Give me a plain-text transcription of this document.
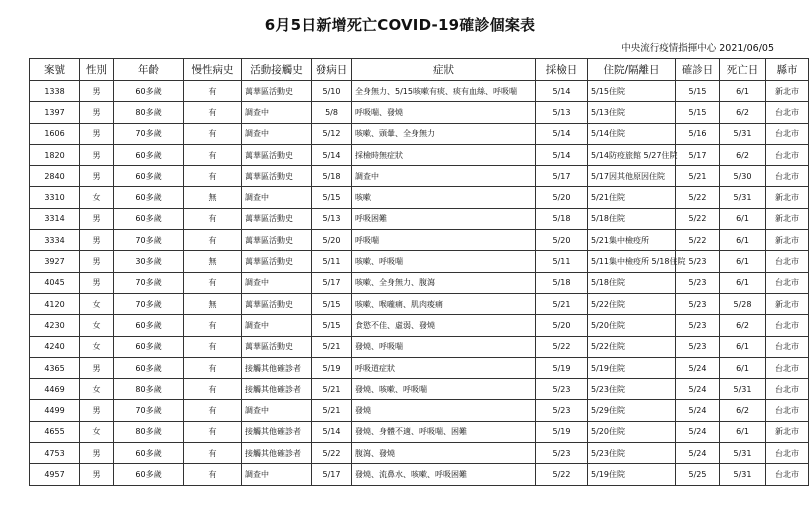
6月5日新增死亡COVID-19確診個案表
中央流行疫情指揮中心 2021/06/05
案號	性別	年齡	慢性病史	活動接觸史	發病日	症狀	採檢日	住院/隔離日	確診日	死亡日	縣市
1338	男	60多歲	有	萬華區活動史	5/10	全身無力、5/15咳嗽有痰、痰有血絲、呼吸喘	5/14	5/15住院	5/15	6/1	新北市
1397	男	80多歲	有	調查中	5/8	呼吸喘、發燒	5/13	5/13住院	5/15	6/2	台北市
1606	男	70多歲	有	調查中	5/12	咳嗽、頭暈、全身無力	5/14	5/14住院	5/16	5/31	台北市
1820	男	60多歲	有	萬華區活動史	5/14	採檢時無症狀	5/14	5/14防疫旅館 5/27住院	5/17	6/2	台北市
2840	男	60多歲	有	萬華區活動史	5/18	調查中	5/17	5/17因其他原因住院	5/21	5/30	台北市
3310	女	60多歲	無	調查中	5/15	咳嗽	5/20	5/21住院	5/22	5/31	新北市
3314	男	60多歲	有	萬華區活動史	5/13	呼吸困難	5/18	5/18住院	5/22	6/1	新北市
3334	男	70多歲	有	萬華區活動史	5/20	呼吸喘	5/20	5/21集中檢疫所	5/22	6/1	新北市
3927	男	30多歲	無	萬華區活動史	5/11	咳嗽、呼吸喘	5/11	5/11集中檢疫所 5/18住院	5/23	6/1	台北市
4045	男	70多歲	有	調查中	5/17	咳嗽、全身無力、腹瀉	5/18	5/18住院	5/23	6/1	台北市
4120	女	70多歲	無	萬華區活動史	5/15	咳嗽、喉嚨痛、肌肉痠痛	5/21	5/22住院	5/23	5/28	新北市
4230	女	60多歲	有	調查中	5/15	食慾不佳、虛弱、發燒	5/20	5/20住院	5/23	6/2	台北市
4240	女	60多歲	有	萬華區活動史	5/21	發燒、呼吸喘	5/22	5/22住院	5/23	6/1	台北市
4365	男	60多歲	有	接觸其他確診者	5/19	呼吸道症狀	5/19	5/19住院	5/24	6/1	台北市
4469	女	80多歲	有	接觸其他確診者	5/21	發燒、咳嗽、呼吸喘	5/23	5/23住院	5/24	5/31	台北市
4499	男	70多歲	有	調查中	5/21	發燒	5/23	5/29住院	5/24	6/2	台北市
4655	女	80多歲	有	接觸其他確診者	5/14	發燒、身體不適、呼吸喘、困難	5/19	5/20住院	5/24	6/1	新北市
4753	男	60多歲	有	接觸其他確診者	5/22	腹瀉、發燒	5/23	5/23住院	5/24	5/31	台北市
4957	男	60多歲	有	調查中	5/17	發燒、流鼻水、咳嗽、呼吸困難	5/22	5/19住院	5/25	5/31	台北市
